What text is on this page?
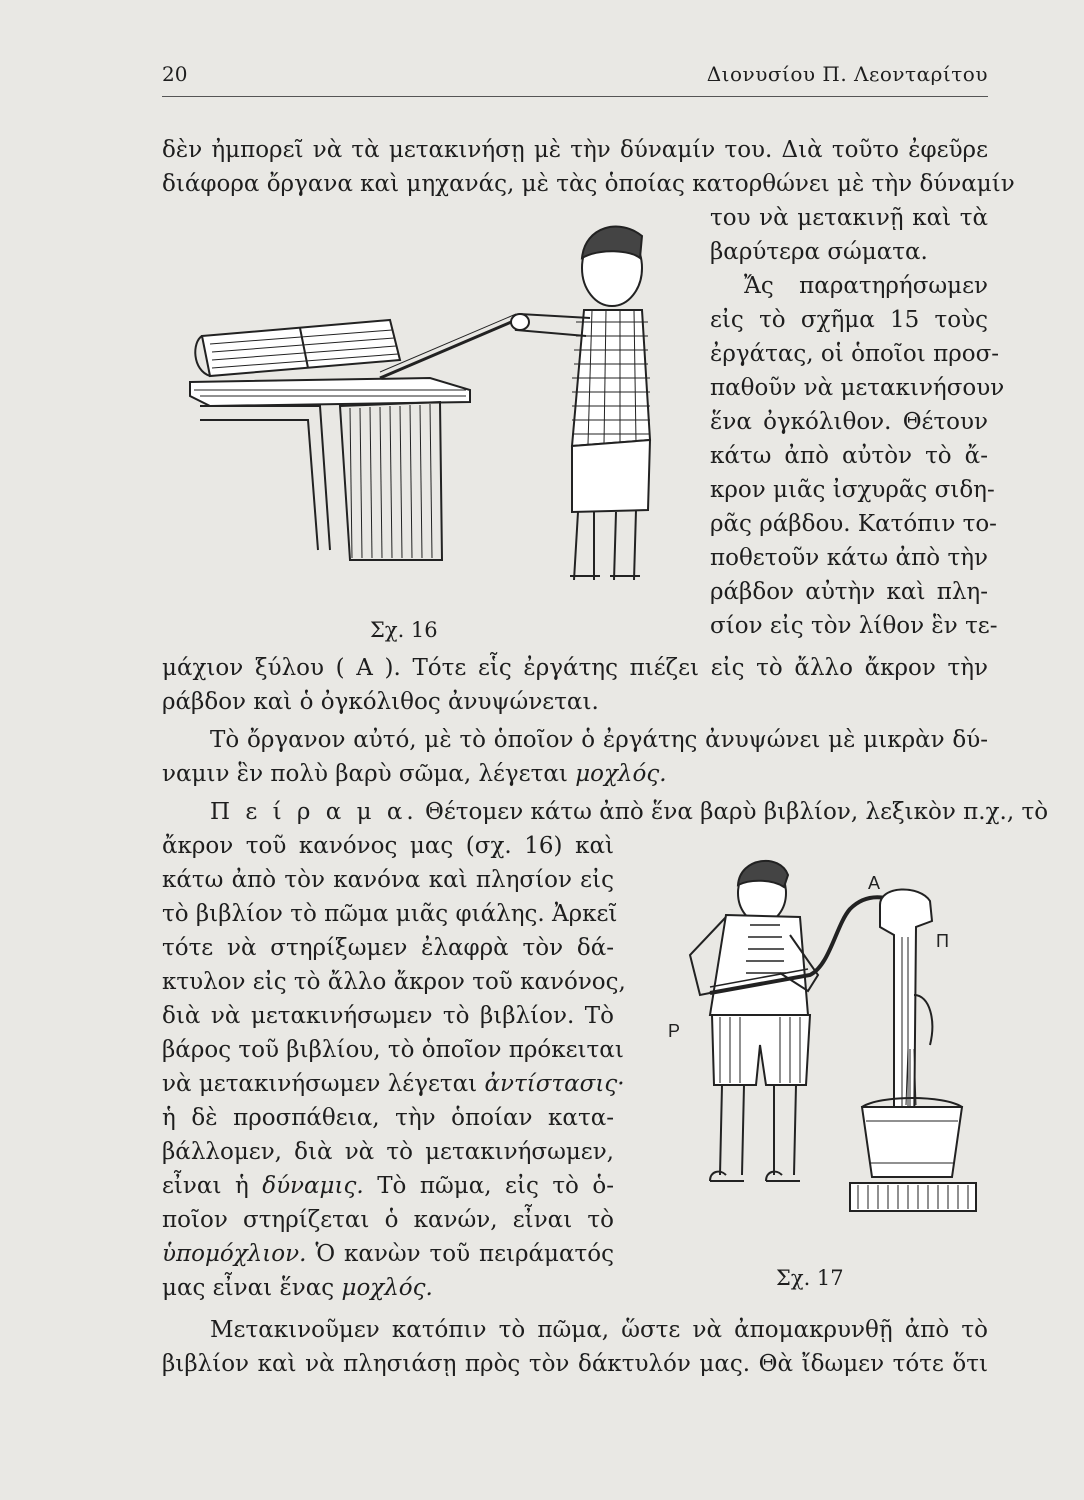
20	Διονυσίου Π. Λεονταρίτου
δὲν ἠμπορεῖ νὰ τὰ μετακινήσῃ μὲ τὴν δύναμίν του. Διὰ τοῦτο ἐφεῦρε
διάφορα ὄργανα καὶ μηχανάς, μὲ τὰς ὁποίας κατορθώνει μὲ τὴν δύναμίν
του νὰ μετακινῇ καὶ τὰ
βαρύτερα σώματα.
Ἄς παρατηρήσωμεν
εἰς τὸ σχῆμα 15 τοὺς
ἐργάτας, οἱ ὁποῖοι προσ-
παθοῦν νὰ μετακινήσουν
ἕνα ὀγκόλιθον. Θέτουν
κάτω ἀπὸ αὐτὸν τὸ ἄ-
κρον μιᾶς ἰσχυρᾶς σιδη-
ρᾶς ράβδου. Κατόπιν το-
ποθετοῦν κάτω ἀπὸ τὴν
ράβδον αὐτὴν καὶ πλη-
σίον εἰς τὸν λίθον ἓν τε-
Σχ. 16
μάχιον ξύλου ( Α ). Τότε εἷς ἐργάτης πιέζει εἰς τὸ ἄλλο ἄκρον τὴν
ράβδον καὶ ὁ ὀγκόλιθος ἀνυψώνεται.
Τὸ ὄργανον αὐτό, μὲ τὸ ὁποῖον ὁ ἐργάτης ἀνυψώνει μὲ μικρὰν δύ-
ναμιν ἓν πολὺ βαρὺ σῶμα, λέγεται μοχλός.
Π ε ί ρ α μ α. Θέτομεν κάτω ἀπὸ ἕνα βαρὺ βιβλίον, λεξικὸν π.χ., τὸ
ἄκρον τοῦ κανόνος μας (σχ. 16) καὶ
κάτω ἀπὸ τὸν κανόνα καὶ πλησίον εἰς
τὸ βιβλίον τὸ πῶμα μιᾶς φιάλης. Ἀρκεῖ
τότε νὰ στηρίξωμεν ἐλαφρὰ τὸν δά-
κτυλον εἰς τὸ ἄλλο ἄκρον τοῦ κανόνος,
διὰ νὰ μετακινήσωμεν τὸ βιβλίον. Τὸ
βάρος τοῦ βιβλίου, τὸ ὁποῖον πρόκειται
νὰ μετακινήσωμεν λέγεται ἀντίστασις·
ἡ δὲ προσπάθεια, τὴν ὁποίαν κατα-
βάλλομεν, διὰ νὰ τὸ μετακινήσωμεν,
εἶναι ἡ δύναμις. Τὸ πῶμα, εἰς τὸ ὁ-
ποῖον στηρίζεται ὁ κανών, εἶναι τὸ
ὑπομόχλιον. Ὁ κανὼν τοῦ πειράματός
μας εἶναι ἕνας μοχλός.
A
Π
P
Σχ. 17
Μετακινοῦμεν κατόπιν τὸ πῶμα, ὥστε νὰ ἀπομακρυνθῇ ἀπὸ τὸ
βιβλίον καὶ νὰ πλησιάσῃ πρὸς τὸν δάκτυλόν μας. Θὰ ἴδωμεν τότε ὅτι
